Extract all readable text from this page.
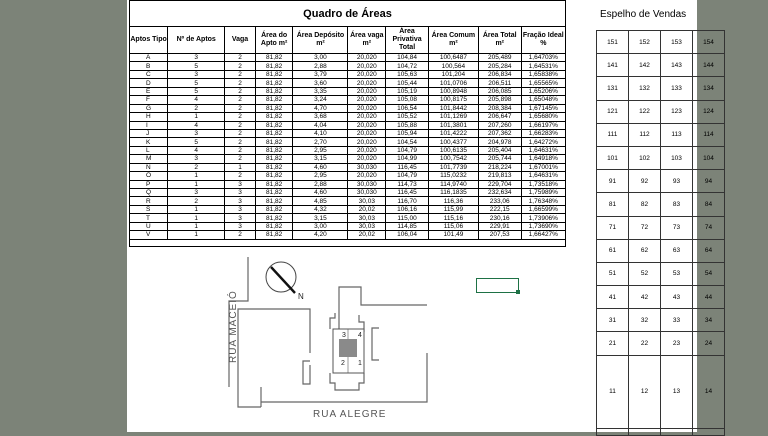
Quadro de Áreas
Aptos Tipo	Nº de Aptos	Vaga	Área do Apto m²	Área Depósito m²	Área vaga m²	Área Privativa Total	Área Comum m²	Área Total m²	Fração Ideal %
A	3	2	81,82	3,00	20,020	104,84	100,6487	205,489	1,64703%
B	5	2	81,82	2,88	20,020	104,72	100,564	205,284	1,64531%
C	3	2	81,82	3,79	20,020	105,63	101,204	206,834	1,65838%
D	5	2	81,82	3,60	20,020	105,44	101,0706	206,511	1,65565%
E	5	2	81,82	3,35	20,020	105,19	100,8948	206,085	1,65206%
F	4	2	81,82	3,24	20,020	105,08	100,8175	205,898	1,65048%
G	2	2	81,82	4,70	20,020	106,54	101,8442	208,384	1,67145%
H	1	2	81,82	3,68	20,020	105,52	101,1269	206,647	1,65680%
I	4	2	81,82	4,04	20,020	105,88	101,3801	207,260	1,66197%
J	3	2	81,82	4,10	20,020	105,94	101,4222	207,362	1,66283%
K	5	2	81,82	2,70	20,020	104,54	100,4377	204,978	1,64272%
L	4	2	81,82	2,95	20,020	104,79	100,6135	205,404	1,64631%
M	3	2	81,82	3,15	20,020	104,99	100,7542	205,744	1,64918%
N	2	1	81,82	4,60	30,030	116,45	101,7739	218,224	1,67001%
O	1	2	81,82	2,95	20,020	104,79	115,0232	219,813	1,64631%
P	1	3	81,82	2,88	30,030	114,73	114,9740	229,704	1,73518%
Q	3	3	81,82	4,60	30,030	116,45	116,1835	232,634	1,75989%
R	2	3	81,82	4,85	30,03	116,70	116,36	233,06	1,76348%
S	1	3	81,82	4,32	20,02	106,16	115,99	222,15	1,66599%
T	1	3	81,82	3,15	30,03	115,00	115,16	230,16	1,73906%
U	1	3	81,82	3,00	30,03	114,85	115,06	229,91	1,73690%
V	1	2	81,82	4,20	20,02	106,04	101,49	207,53	1,66427%
Espelho de Vendas
151	152	153	154
141	142	143	144
131	132	133	134
121	122	123	124
111	112	113	114
101	102	103	104
91	92	93	94
81	82	83	84
71	72	73	74
61	62	63	64
51	52	53	54
41	42	43	44
31	32	33	34
21	22	23	24
11	12	13	14

3 4
2 1
N
RUA MACEIÓ
RUA ALEGRE
